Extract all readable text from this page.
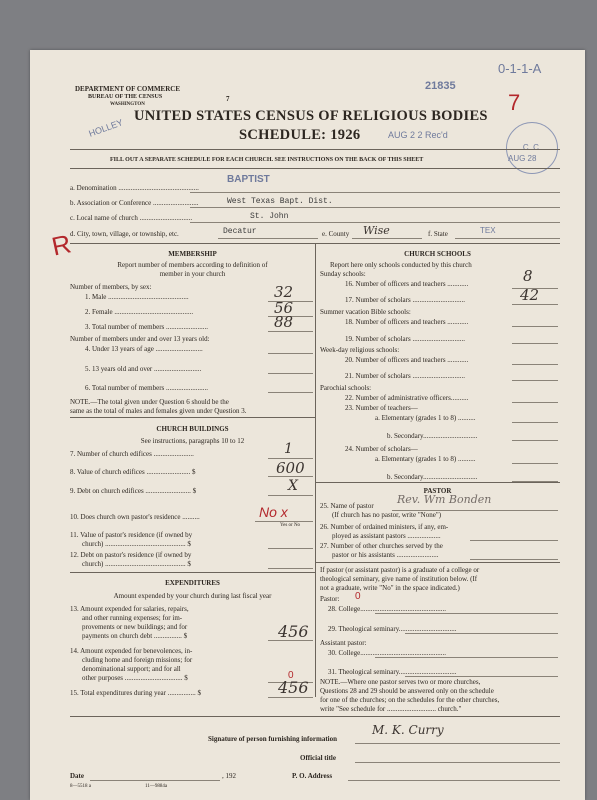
DEPARTMENT OF COMMERCE
BUREAU OF THE CENSUS
WASHINGTON
7
21835
0-1-1-A
7
HOLLEY
UNITED STATES CENSUS OF RELIGIOUS BODIES
SCHEDULE: 1926	AUG 2 2 Rec'd
C. C.
AUG 28
FILL OUT A SEPARATE SCHEDULE FOR EACH CHURCH. SEE INSTRUCTIONS ON THE BACK OF THIS SHEET
a. Denomination ..............................................
BAPTIST
b. Association or Conference ..........................	West Texas Bapt. Dist.
c. Local name of church ..............................	St. John
d. City, town, village, or township, etc.	Decatur	e. County Wise	f. State	TEX
R	MEMBERSHIP
Report number of members according to definition of
member in your church
Number of members, by sex:
1. Male ..............................................	32
2. Female .............................................	56
3. Total number of members ........................	88
Number of members under and over 13 years old:
4. Under 13 years of age ...........................
5. 13 years old and over ...........................
6. Total number of members ........................
NOTE.—The total given under Question 6 should be the
same as the total of males and females given under Question 3.
CHURCH BUILDINGS
See instructions, paragraphs 10 to 12
7. Number of church edifices .......................	1
8. Value of church edifices ......................... $	600
9. Debt on church edifices .......................... $	X
10. Does church own pastor's residence ..........	No x
Yes or No
11. Value of pastor's residence (if owned by
church) .............................................. $
12. Debt on pastor's residence (if owned by
church) .............................................. $
EXPENDITURES
Amount expended by your church during last fiscal year
13. Amount expended for salaries, repairs,
and other running expenses; for im-
provements or new buildings; and for
payments on church debt ................ $	456
14. Amount expended for benevolences, in-
cluding home and foreign missions; for
denominational support; and for all
other purposes ................................. $	0
15. Total expenditures during year ................ $	456
CHURCH SCHOOLS
Report here only schools conducted by this church
Sunday schools:
16. Number of officers and teachers ............	8
17. Number of scholars ..............................	42
Summer vacation Bible schools:
18. Number of officers and teachers ............
19. Number of scholars ..............................
Week-day religious schools:
20. Number of officers and teachers ............
21. Number of scholars ..............................
Parochial schools:
22. Number of administrative officers..........
23. Number of teachers—
a. Elementary (grades 1 to 8) ..........
b. Secondary...............................
24. Number of scholars—
a. Elementary (grades 1 to 8) ..........
b. Secondary...............................
PASTOR
25. Name of pastor
(If church has no pastor, write "None")
Rev. Wm Bonden
26. Number of ordained ministers, if any, em-
ployed as assistant pastors ...................
27. Number of other churches served by the
pastor or his assistants ........................
If pastor (or assistant pastor) is a graduate of a college or
theological seminary, give name of institution below. (If
not a graduate, write "No" in the space indicated.)
Pastor: 0
28. College.................................................
29. Theological seminary.................................
Assistant pastor:
30. College.................................................
31. Theological seminary.................................
NOTE.—Where one pastor serves two or more churches,
Questions 28 and 29 should be answered only on the schedule
for one of the churches; on the schedules for the other churches,
write "See schedule for ............................ church."
Signature of person furnishing information
M. K. Curry
Official title
Date	, 192	P. O. Address
8—5518 a	11—9884a
